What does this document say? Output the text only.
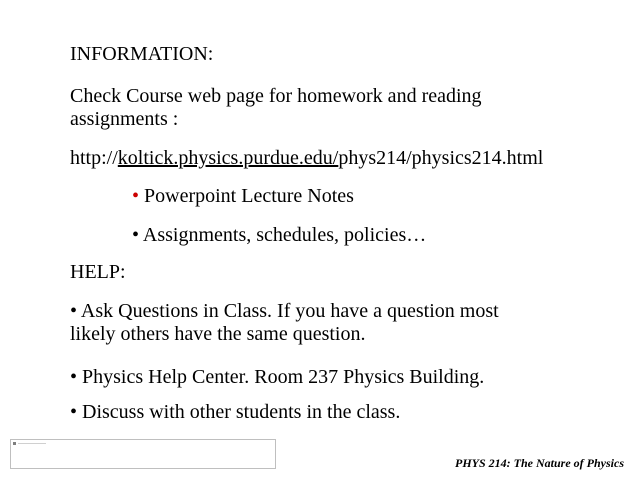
INFORMATION:
Check Course web page for homework and reading
assignments :
http://koltick.physics.purdue.edu/phys214/physics214.html
• Powerpoint Lecture Notes
• Assignments, schedules, policies…
HELP:
• Ask Questions in Class. If you have a question most
likely others have the same question.
• Physics Help Center. Room 237 Physics Building.
• Discuss with other students in the class.
PHYS 214: The Nature of Physics
